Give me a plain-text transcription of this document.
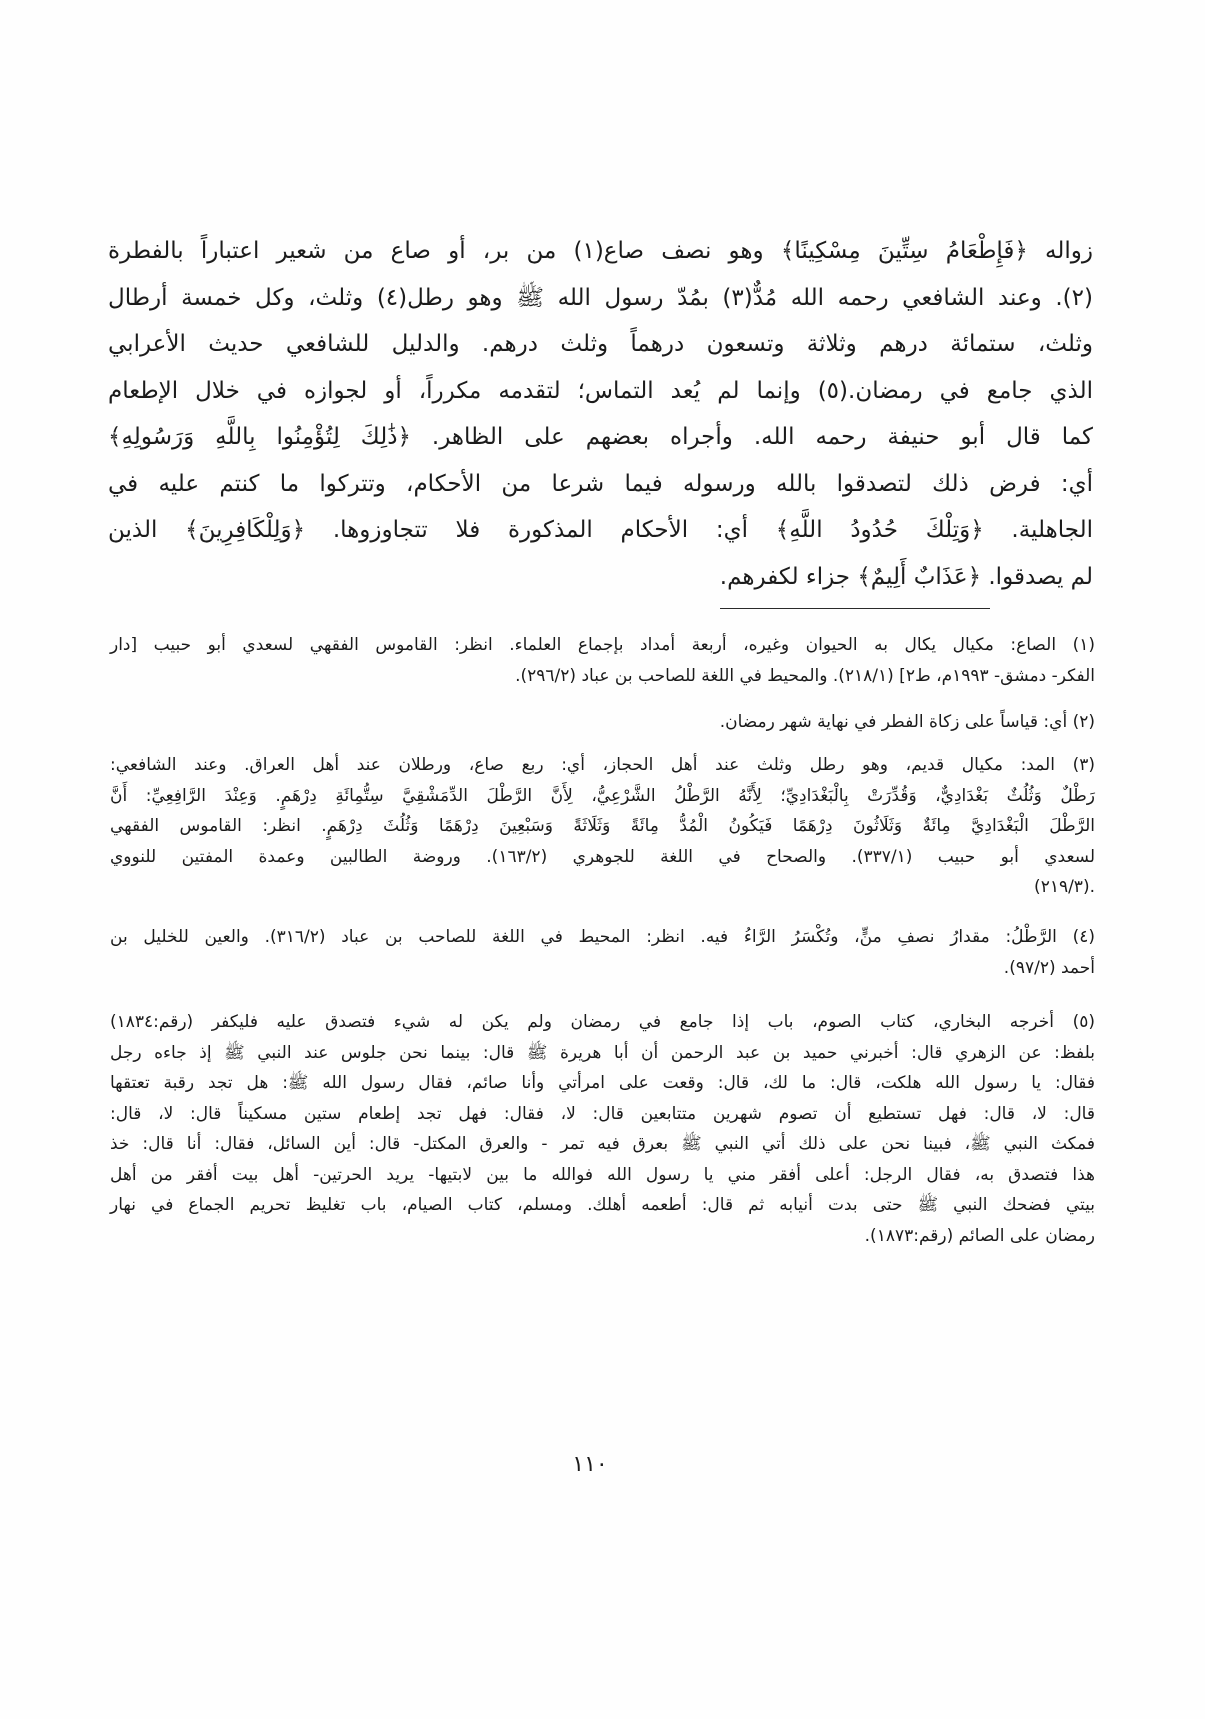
زواله ﴿فَإِطْعَامُ سِتِّينَ مِسْكِينًا﴾ وهو نصف صاع(١) من بر، أو صاع من شعير اعتباراً بالفطرة
(٢). وعند الشافعي رحمه الله مُدٌّ(٣) بمُدّ رسول الله ﷺ وهو رطل(٤) وثلث، وكل خمسة أرطال
وثلث، ستمائة درهم وثلاثة وتسعون درهماً وثلث درهم. والدليل للشافعي حديث الأعرابي
الذي جامع في رمضان.(٥) وإنما لم يُعد التماس؛ لتقدمه مكرراً، أو لجوازه في خلال الإطعام
كما قال أبو حنيفة رحمه الله. وأجراه بعضهم على الظاهر. ﴿ذَٰلِكَ لِتُؤْمِنُوا بِاللَّهِ وَرَسُولِهِ﴾
أي: فرض ذلك لتصدقوا بالله ورسوله فيما شرعا من الأحكام، وتتركوا ما كنتم عليه في
الجاهلية. ﴿وَتِلْكَ حُدُودُ اللَّهِ﴾ أي: الأحكام المذكورة فلا تتجاوزوها. ﴿وَلِلْكَافِرِينَ﴾ الذين
لم يصدقوا. ﴿عَذَابٌ أَلِيمٌ﴾ جزاء لكفرهم.
(١) الصاع: مكيال يكال به الحيوان وغيره، أربعة أمداد بإجماع العلماء. انظر: القاموس الفقهي لسعدي أبو حبيب [دار
الفكر- دمشق- ١٩٩٣م، ط٢] (٢١٨/١). والمحيط في اللغة للصاحب بن عباد (٢٩٦/٢).
(٢) أي: قياساً على زكاة الفطر في نهاية شهر رمضان.
(٣) المد: مكيال قديم، وهو رطل وثلث عند أهل الحجاز، أي: ربع صاع، ورطلان عند أهل العراق. وعند الشافعي:
رَطْلٌ وَثُلُثٌ بَغْدَادِيٌّ، وَقُدِّرَتْ بِالْبَغْدَادِيِّ؛ لِأَنَّهُ الرَّطْلُ الشَّرْعِيُّ، لِأَنَّ الرَّطْلَ الدِّمَشْقِيَّ سِتُّمِائَةِ دِرْهَمٍ. وَعِنْدَ الرَّافِعِيِّ: أَنَّ
الرَّطْلَ الْبَغْدَادِيَّ مِائَةٌ وَثَلَاثُونَ دِرْهَمًا فَيَكُونُ الْمُدُّ مِائَةً وَثَلَاثَةً وَسَبْعِينَ دِرْهَمًا وَثُلُثَ دِرْهَمٍ. انظر: القاموس الفقهي
لسعدي أبو حبيب (٣٣٧/١). والصحاح في اللغة للجوهري (١٦٣/٢). وروضة الطالبين وعمدة المفتين للنووي
(٢١٩/٣).
(٤) الرَّطْلُ: مقدارُ نصفِ منٍّ، وتُكْسَرُ الرَّاءُ فيه. انظر: المحيط في اللغة للصاحب بن عباد (٣١٦/٢). والعين للخليل بن
أحمد (٩٧/٢).
(٥) أخرجه البخاري، كتاب الصوم، باب إذا جامع في رمضان ولم يكن له شيء فتصدق عليه فليكفر (رقم:١٨٣٤)
بلفظ: عن الزهري قال: أخبرني حميد بن عبد الرحمن أن أبا هريرة ﷺ قال: بينما نحن جلوس عند النبي ﷺ إذ جاءه رجل
فقال: يا رسول الله هلكت، قال: ما لك، قال: وقعت على امرأتي وأنا صائم، فقال رسول الله ﷺ: هل تجد رقبة تعتقها
قال: لا، قال: فهل تستطيع أن تصوم شهرين متتابعين قال: لا، فقال: فهل تجد إطعام ستين مسكيناً قال: لا، قال:
فمكث النبي ﷺ، فبينا نحن على ذلك أتي النبي ﷺ بعرق فيه تمر - والعرق المكتل- قال: أين السائل، فقال: أنا قال: خذ
هذا فتصدق به، فقال الرجل: أعلى أفقر مني يا رسول الله فوالله ما بين لابتيها- يريد الحرتين- أهل بيت أفقر من أهل
بيتي فضحك النبي ﷺ حتى بدت أنيابه ثم قال: أطعمه أهلك. ومسلم، كتاب الصيام، باب تغليظ تحريم الجماع في نهار
رمضان على الصائم (رقم:١٨٧٣).
١١٠
